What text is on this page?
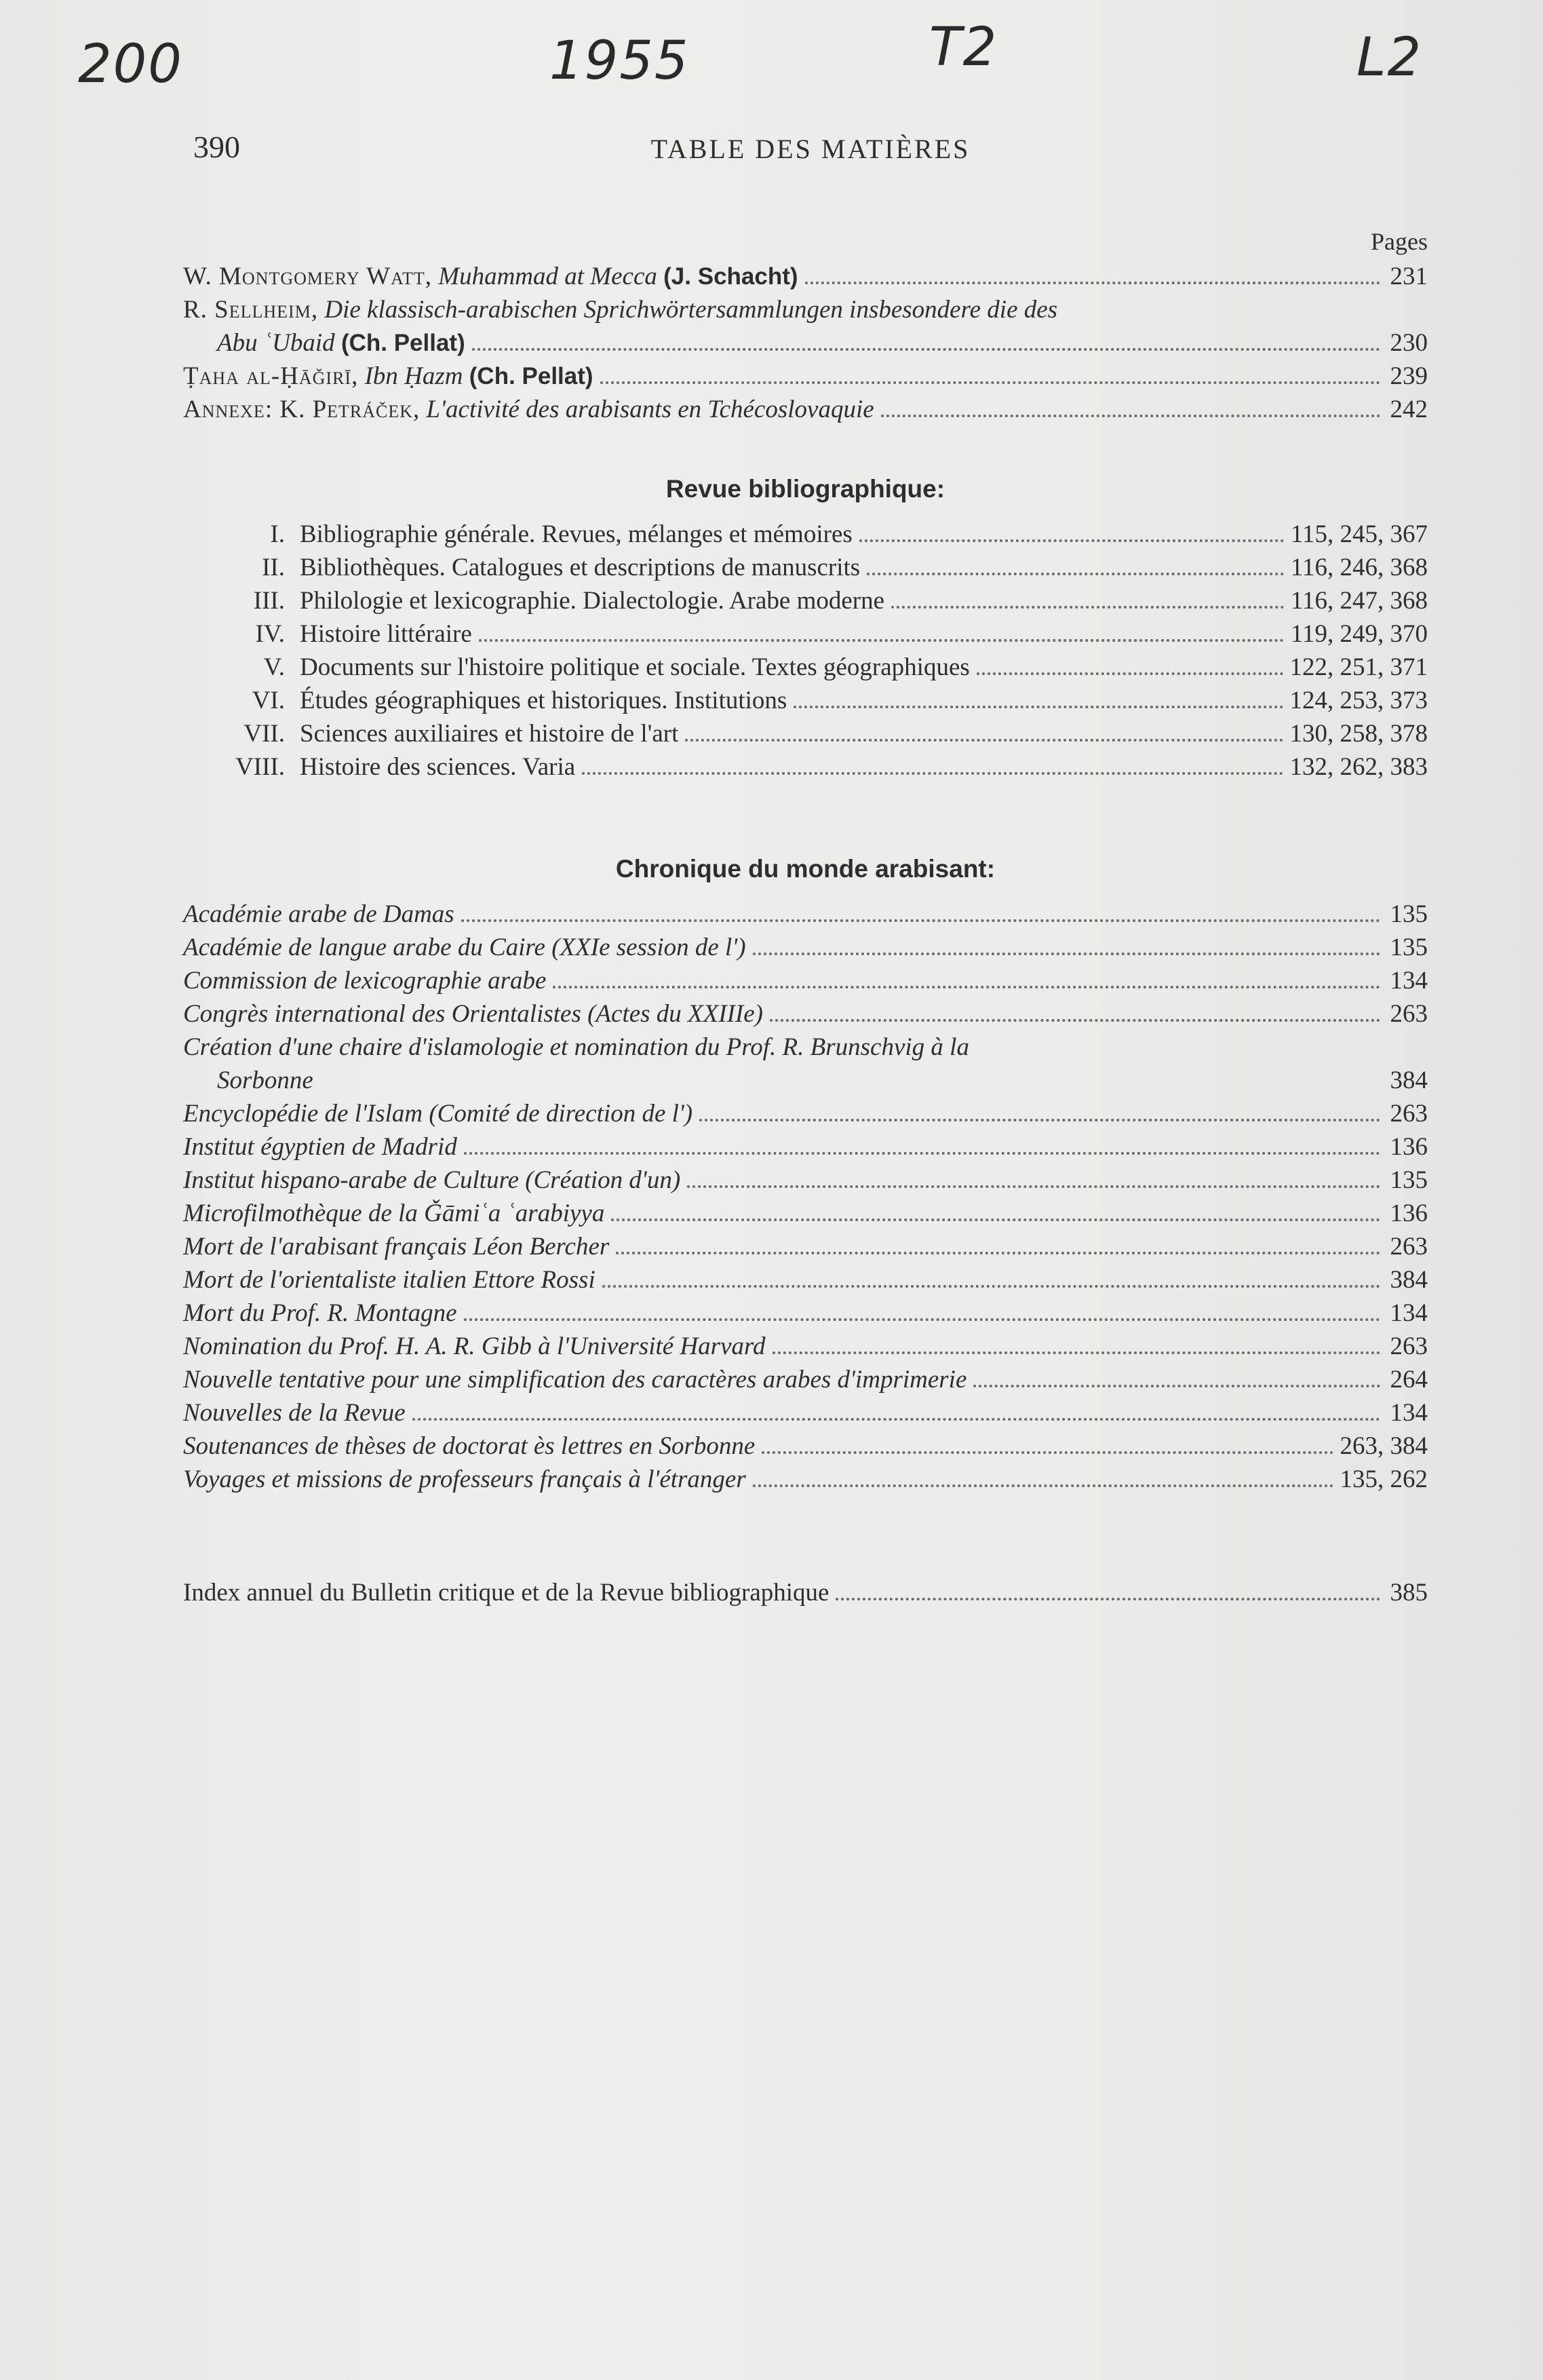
200	1955	T2	L2
390	TABLE DES MATIÈRES
Pages
W. Montgomery Watt, Muhammad at Mecca (J. Schacht)	231
R. Sellheim, Die klassisch-arabischen Sprichwörtersammlungen insbesondere die des
Abu ʿUbaid (Ch. Pellat)	230
Ṭaha al-Ḥāǧirī, Ibn Ḥazm (Ch. Pellat)	239
Annexe: K. Petráček, L'activité des arabisants en Tchécoslovaquie	242
Revue bibliographique:
I. Bibliographie générale. Revues, mélanges et mémoires	115, 245, 367
II. Bibliothèques. Catalogues et descriptions de manuscrits	116, 246, 368
III. Philologie et lexicographie. Dialectologie. Arabe moderne	116, 247, 368
IV. Histoire littéraire	119, 249, 370
V. Documents sur l'histoire politique et sociale. Textes géographiques	122, 251, 371
VI. Études géographiques et historiques. Institutions	124, 253, 373
VII. Sciences auxiliaires et histoire de l'art	130, 258, 378
VIII. Histoire des sciences. Varia	132, 262, 383
Chronique du monde arabisant:
Académie arabe de Damas	135
Académie de langue arabe du Caire (XXIe session de l')	135
Commission de lexicographie arabe	134
Congrès international des Orientalistes (Actes du XXIIIe)	263
Création d'une chaire d'islamologie et nomination du Prof. R. Brunschvig à la
Sorbonne	384
Encyclopédie de l'Islam (Comité de direction de l')	263
Institut égyptien de Madrid	136
Institut hispano-arabe de Culture (Création d'un)	135
Microfilmothèque de la Ǧāmiʿa ʿarabiyya	136
Mort de l'arabisant français Léon Bercher	263
Mort de l'orientaliste italien Ettore Rossi	384
Mort du Prof. R. Montagne	134
Nomination du Prof. H. A. R. Gibb à l'Université Harvard	263
Nouvelle tentative pour une simplification des caractères arabes d'imprimerie	264
Nouvelles de la Revue	134
Soutenances de thèses de doctorat ès lettres en Sorbonne	263, 384
Voyages et missions de professeurs français à l'étranger	135, 262
Index annuel du Bulletin critique et de la Revue bibliographique	385
